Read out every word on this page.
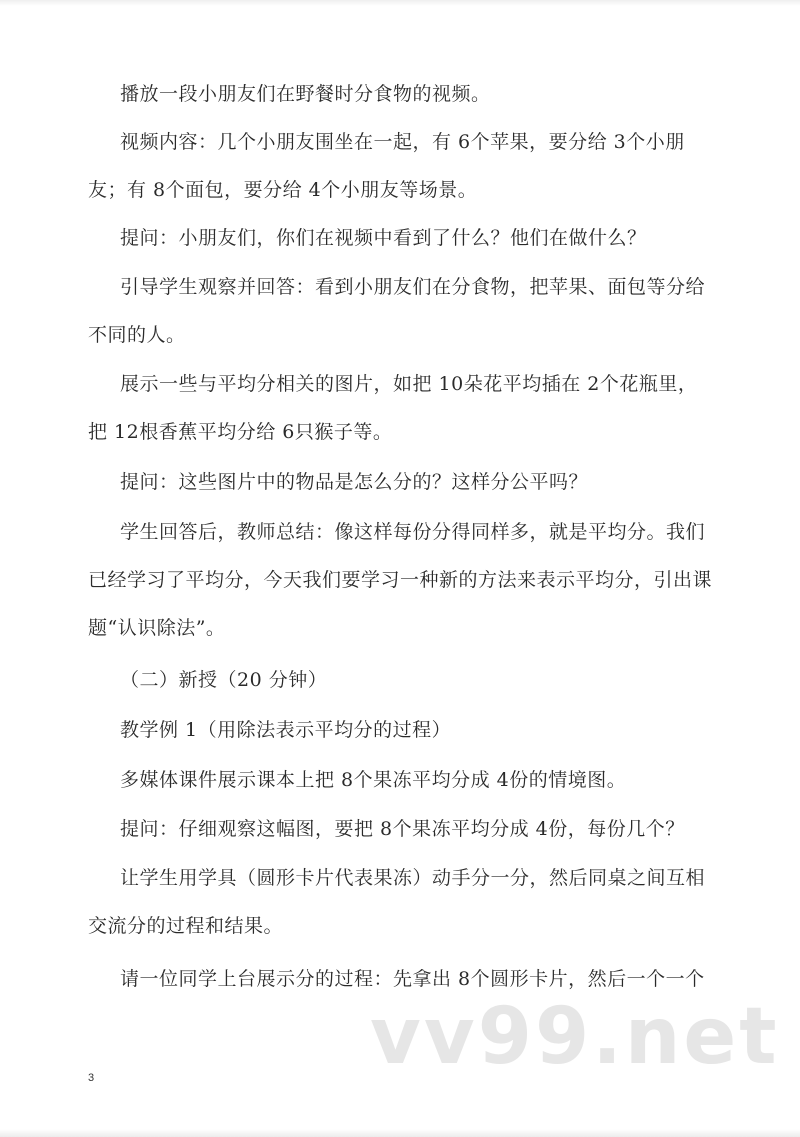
播放一段小朋友们在野餐时分食物的视频。

视频内容：几个小朋友围坐在一起，有 6个苹果，要分给 3个小朋
友；有 8个面包，要分给 4个小朋友等场景。

提问：小朋友们，你们在视频中看到了什么？他们在做什么？

引导学生观察并回答：看到小朋友们在分食物，把苹果、面包等分给
不同的人。

展示一些与平均分相关的图片，如把 10朵花平均插在 2个花瓶里，
把 12根香蕉平均分给 6只猴子等。

提问：这些图片中的物品是怎么分的？这样分公平吗？

学生回答后，教师总结：像这样每份分得同样多，就是平均分。我们
已经学习了平均分，今天我们要学习一种新的方法来表示平均分，引出课
题“认识除法”。

（二）新授（20 分钟）

教学例 1（用除法表示平均分的过程）

多媒体课件展示课本上把 8个果冻平均分成 4份的情境图。

提问：仔细观察这幅图，要把 8个果冻平均分成 4份，每份几个？

让学生用学具（圆形卡片代表果冻）动手分一分，然后同桌之间互相
交流分的过程和结果。

请一位同学上台展示分的过程：先拿出 8个圆形卡片，然后一个一个

vv99.net
3
